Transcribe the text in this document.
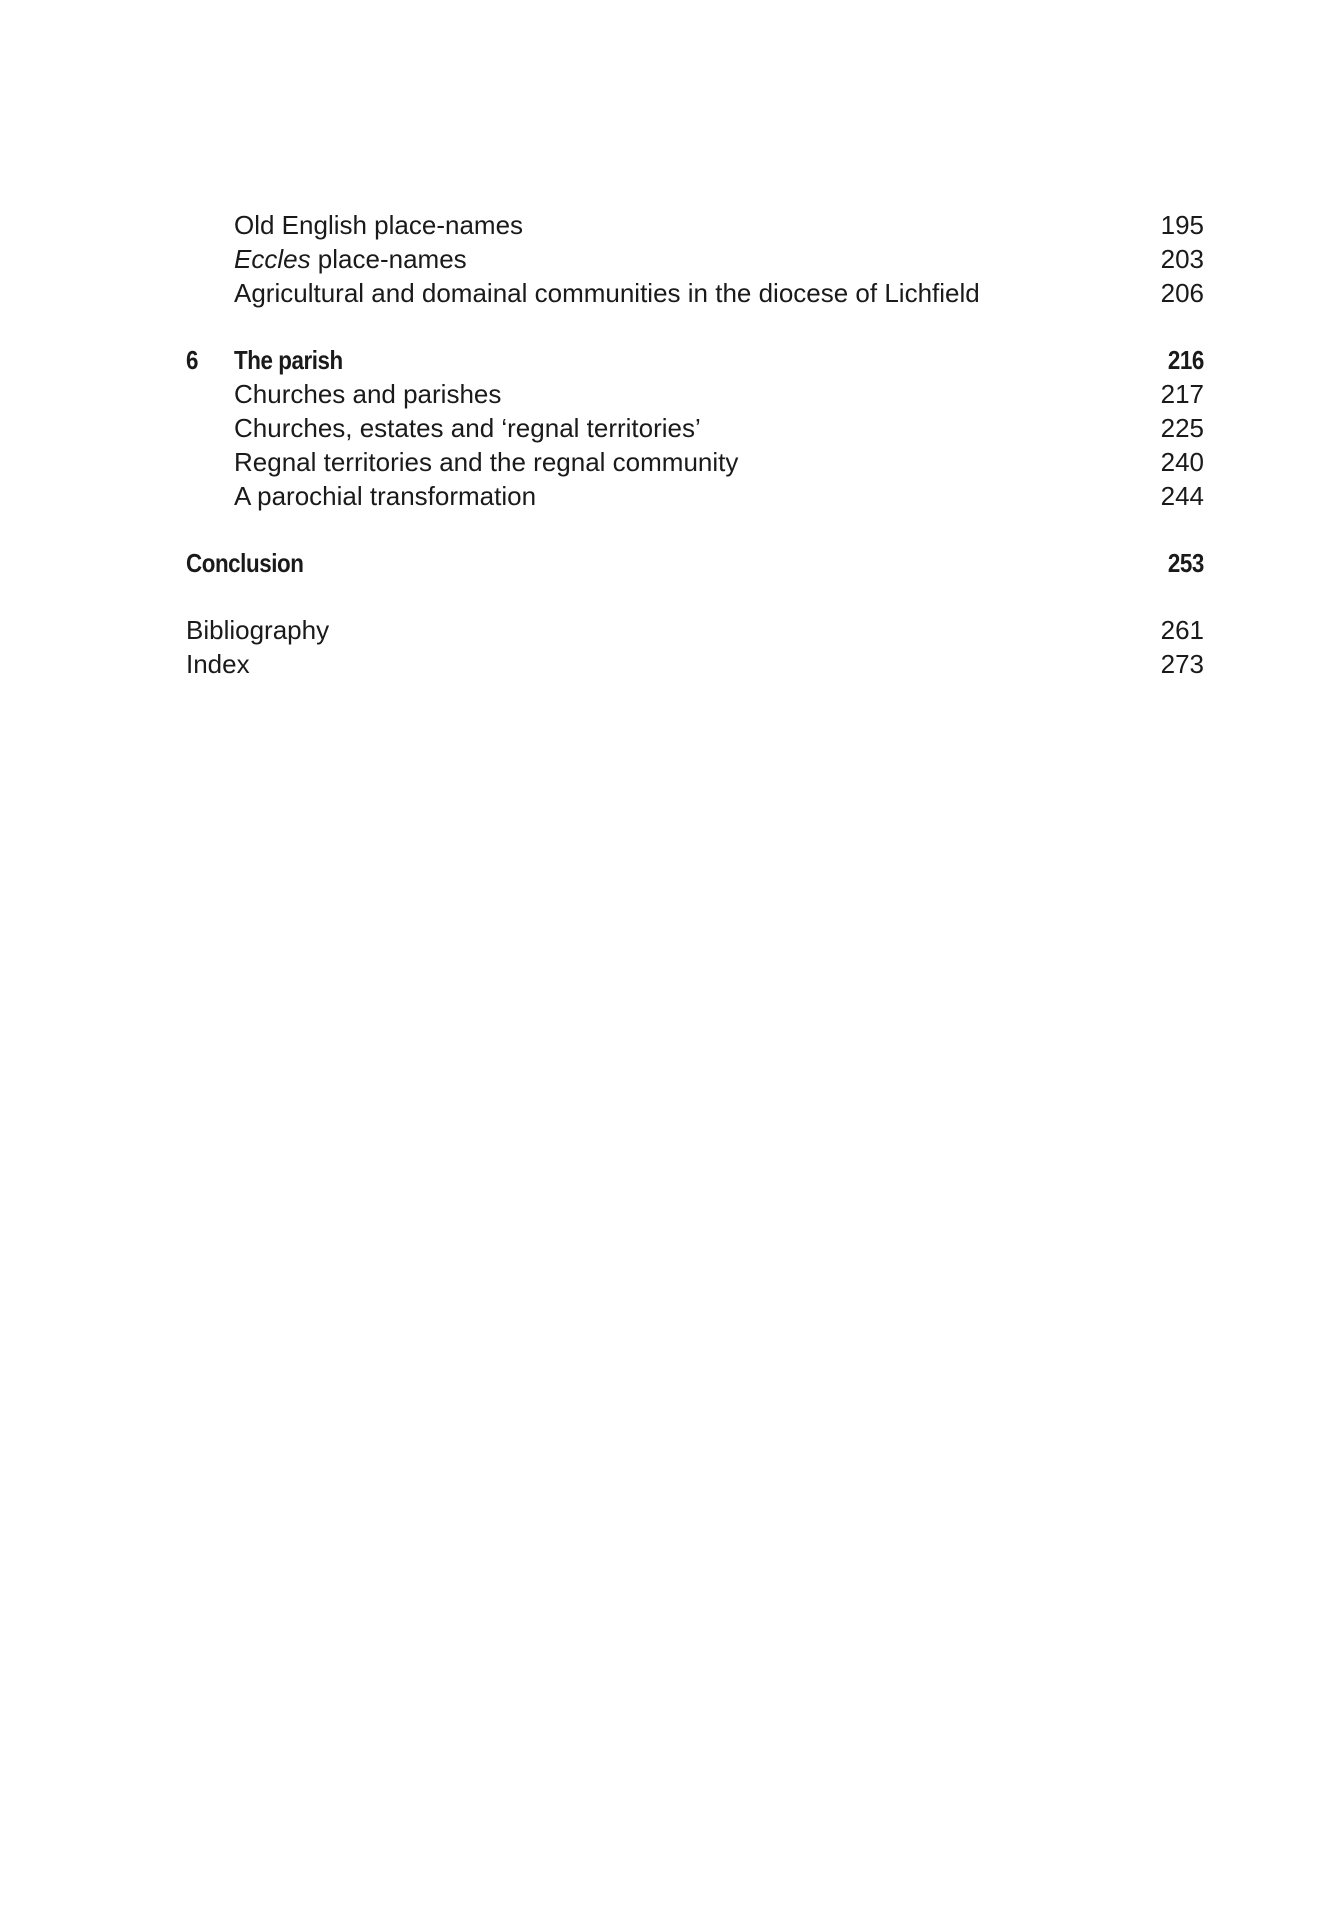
Old English place-names	195
Eccles place-names	203
Agricultural and domainal communities in the diocese of Lichfield	206
6 The parish	216
Churches and parishes	217
Churches, estates and ‘regnal territories’	225
Regnal territories and the regnal community	240
A parochial transformation	244
Conclusion	253
Bibliography	261
Index	273
